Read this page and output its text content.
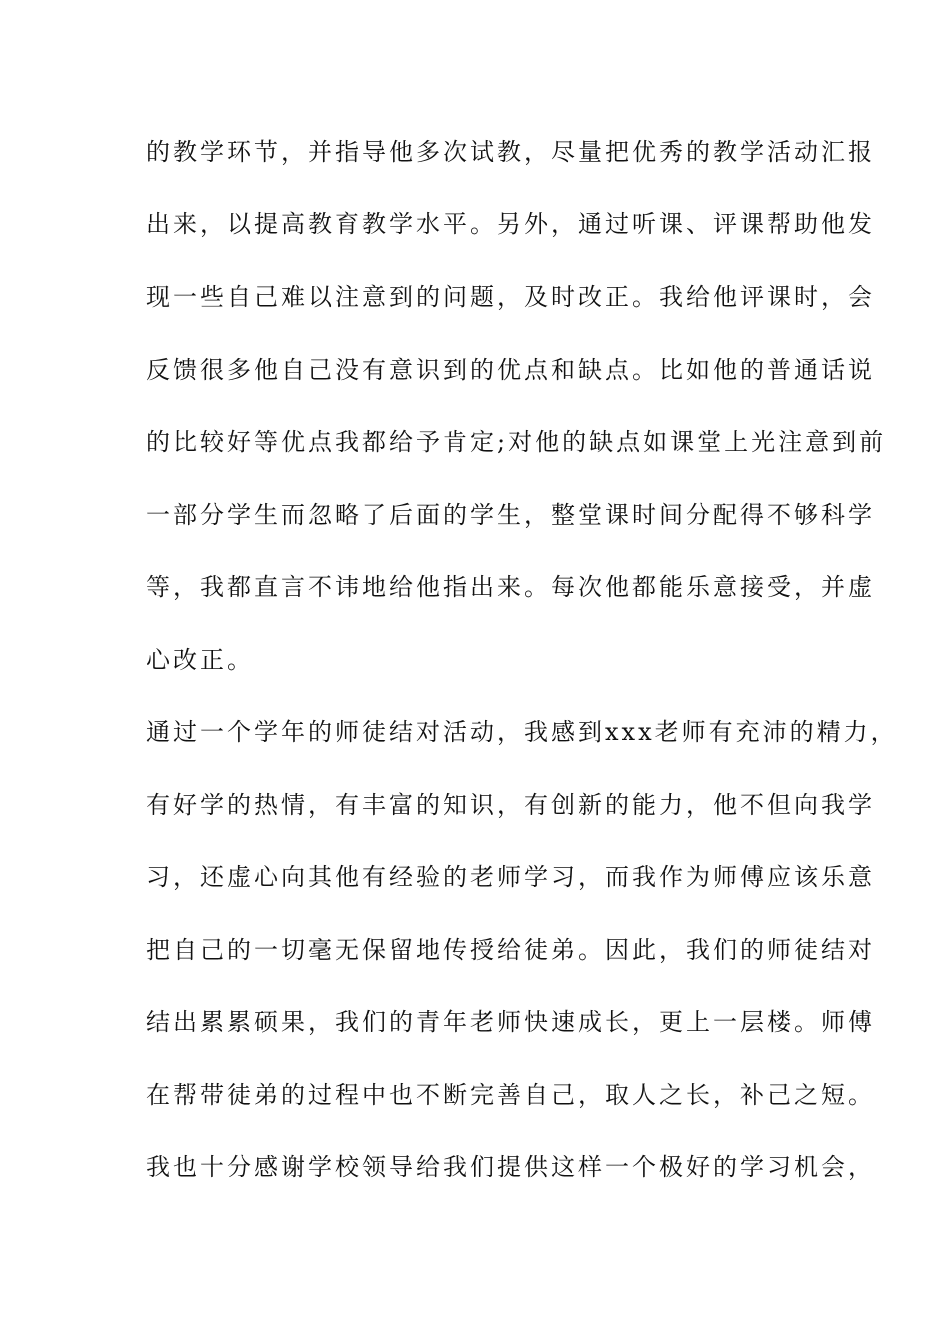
的教学环节，并指导他多次试教，尽量把优秀的教学活动汇报
出来，以提高教育教学水平。另外，通过听课、评课帮助他发
现一些自己难以注意到的问题，及时改正。我给他评课时，会
反馈很多他自己没有意识到的优点和缺点。比如他的普通话说
的比较好等优点我都给予肯定;对他的缺点如课堂上光注意到前
一部分学生而忽略了后面的学生，整堂课时间分配得不够科学
等，我都直言不讳地给他指出来。每次他都能乐意接受，并虚
心改正。
通过一个学年的师徒结对活动，我感到xxx老师有充沛的精力，
有好学的热情，有丰富的知识，有创新的能力，他不但向我学
习，还虚心向其他有经验的老师学习，而我作为师傅应该乐意
把自己的一切毫无保留地传授给徒弟。因此，我们的师徒结对
结出累累硕果，我们的青年老师快速成长，更上一层楼。师傅
在帮带徒弟的过程中也不断完善自己，取人之长，补己之短。
我也十分感谢学校领导给我们提供这样一个极好的学习机会，
